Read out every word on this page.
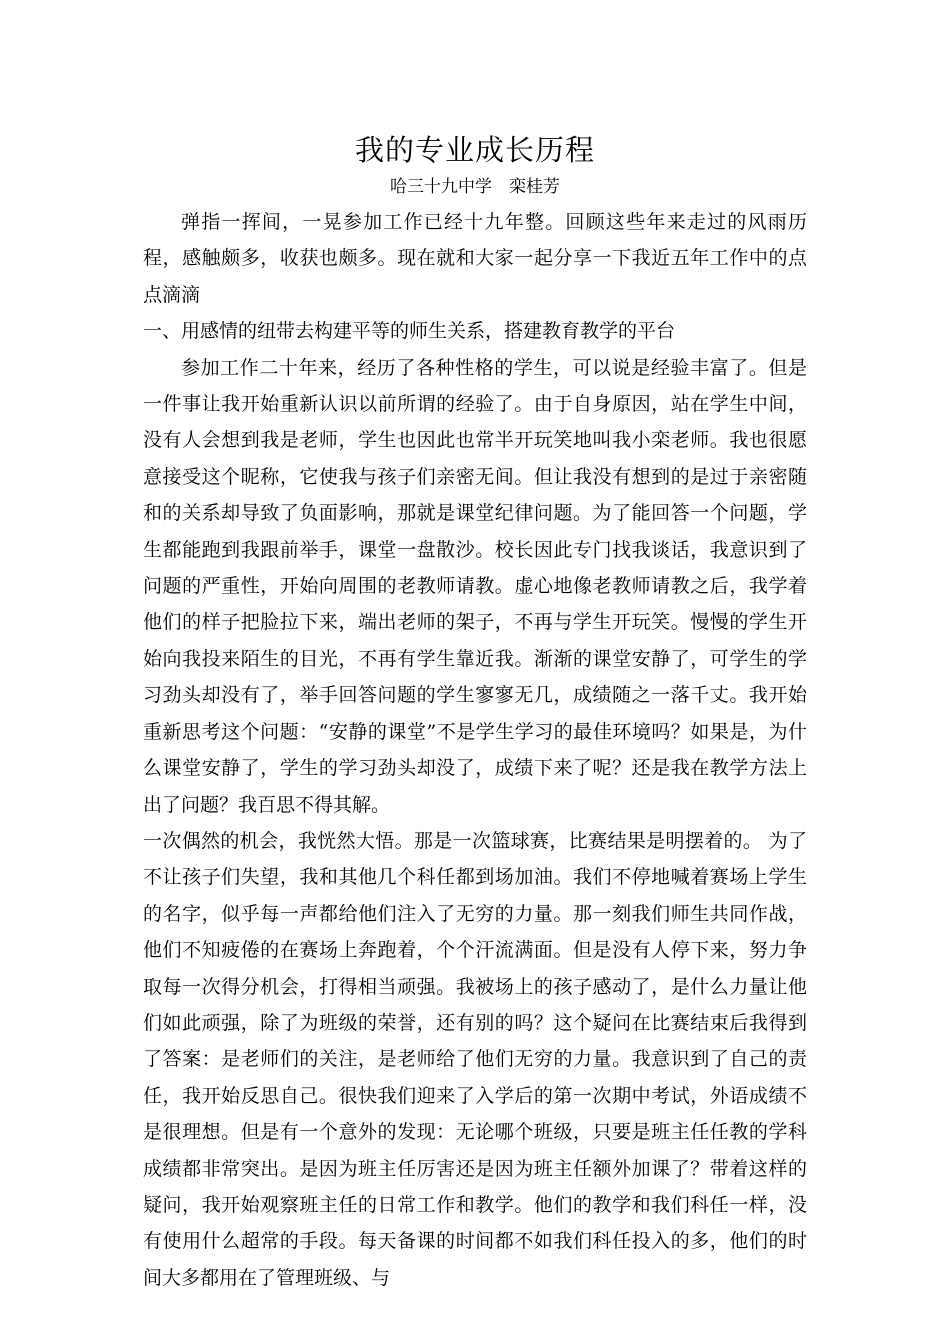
我的专业成长历程

哈三十九中学　栾桂芳

弹指一挥间，一晃参加工作已经十九年整。回顾这些年来走过的风雨历程，感触颇多，收获也颇多。现在就和大家一起分享一下我近五年工作中的点点滴滴

一、用感情的纽带去构建平等的师生关系，搭建教育教学的平台

参加工作二十年来，经历了各种性格的学生，可以说是经验丰富了。但是一件事让我开始重新认识以前所谓的经验了。由于自身原因，站在学生中间，没有人会想到我是老师，学生也因此也常半开玩笑地叫我小栾老师。我也很愿意接受这个昵称，它使我与孩子们亲密无间。但让我没有想到的是过于亲密随和的关系却导致了负面影响，那就是课堂纪律问题。为了能回答一个问题，学生都能跑到我跟前举手，课堂一盘散沙。校长因此专门找我谈话，我意识到了问题的严重性，开始向周围的老教师请教。虚心地像老教师请教之后，我学着他们的样子把脸拉下来，端出老师的架子，不再与学生开玩笑。慢慢的学生开始向我投来陌生的目光，不再有学生靠近我。渐渐的课堂安静了，可学生的学习劲头却没有了，举手回答问题的学生寥寥无几，成绩随之一落千丈。我开始重新思考这个问题：“安静的课堂”不是学生学习的最佳环境吗？如果是，为什么课堂安静了，学生的学习劲头却没了，成绩下来了呢？还是我在教学方法上出了问题？我百思不得其解。

一次偶然的机会，我恍然大悟。那是一次篮球赛，比赛结果是明摆着的。 为了不让孩子们失望，我和其他几个科任都到场加油。我们不停地喊着赛场上学生的名字，似乎每一声都给他们注入了无穷的力量。那一刻我们师生共同作战，他们不知疲倦的在赛场上奔跑着，个个汗流满面。但是没有人停下来，努力争取每一次得分机会，打得相当顽强。我被场上的孩子感动了，是什么力量让他们如此顽强，除了为班级的荣誉，还有别的吗？这个疑问在比赛结束后我得到了答案：是老师们的关注，是老师给了他们无穷的力量。我意识到了自己的责任，我开始反思自己。很快我们迎来了入学后的第一次期中考试，外语成绩不是很理想。但是有一个意外的发现：无论哪个班级，只要是班主任任教的学科成绩都非常突出。是因为班主任厉害还是因为班主任额外加课了？带着这样的疑问，我开始观察班主任的日常工作和教学。他们的教学和我们科任一样，没有使用什么超常的手段。每天备课的时间都不如我们科任投入的多，他们的时间大多都用在了管理班级、与
